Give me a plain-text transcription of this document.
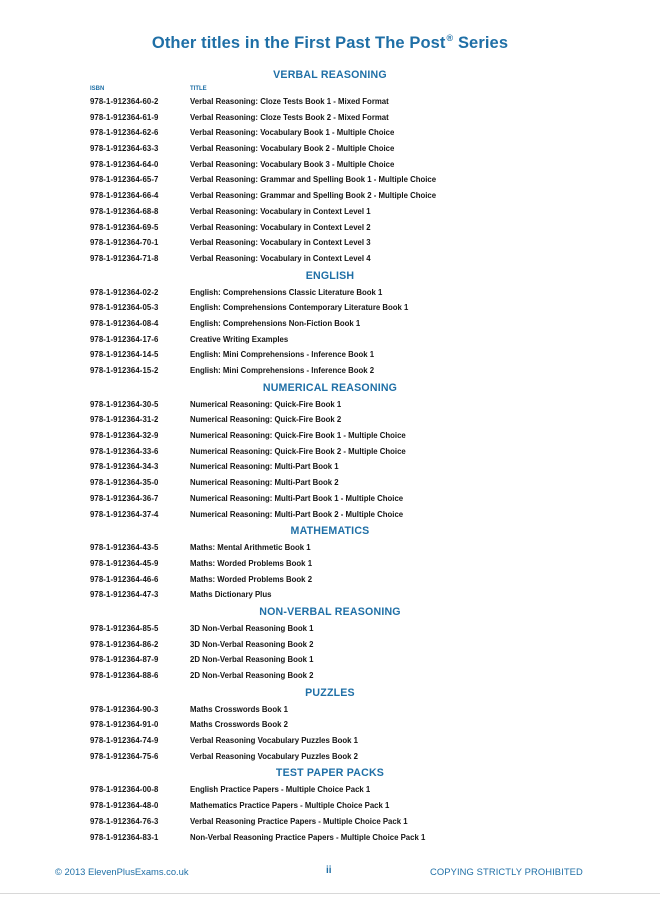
Other titles in the First Past The Post® Series
VERBAL REASONING
ISBN	TITLE
978-1-912364-60-2	Verbal Reasoning: Cloze Tests Book 1 - Mixed Format
978-1-912364-61-9	Verbal Reasoning: Cloze Tests Book 2 - Mixed Format
978-1-912364-62-6	Verbal Reasoning: Vocabulary Book 1 - Multiple Choice
978-1-912364-63-3	Verbal Reasoning: Vocabulary Book 2 - Multiple Choice
978-1-912364-64-0	Verbal Reasoning: Vocabulary Book 3 - Multiple Choice
978-1-912364-65-7	Verbal Reasoning: Grammar and Spelling Book 1 - Multiple Choice
978-1-912364-66-4	Verbal Reasoning: Grammar and Spelling Book 2 - Multiple Choice
978-1-912364-68-8	Verbal Reasoning: Vocabulary in Context Level 1
978-1-912364-69-5	Verbal Reasoning: Vocabulary in Context Level 2
978-1-912364-70-1	Verbal Reasoning: Vocabulary in Context Level 3
978-1-912364-71-8	Verbal Reasoning: Vocabulary in Context Level 4
ENGLISH
978-1-912364-02-2	English: Comprehensions Classic Literature Book 1
978-1-912364-05-3	English: Comprehensions Contemporary Literature Book 1
978-1-912364-08-4	English: Comprehensions Non-Fiction Book 1
978-1-912364-17-6	Creative Writing Examples
978-1-912364-14-5	English: Mini Comprehensions - Inference Book 1
978-1-912364-15-2	English: Mini Comprehensions - Inference Book 2
NUMERICAL REASONING
978-1-912364-30-5	Numerical Reasoning: Quick-Fire Book 1
978-1-912364-31-2	Numerical Reasoning: Quick-Fire Book 2
978-1-912364-32-9	Numerical Reasoning: Quick-Fire Book 1 - Multiple Choice
978-1-912364-33-6	Numerical Reasoning: Quick-Fire Book 2 - Multiple Choice
978-1-912364-34-3	Numerical Reasoning: Multi-Part Book 1
978-1-912364-35-0	Numerical Reasoning: Multi-Part Book 2
978-1-912364-36-7	Numerical Reasoning: Multi-Part Book 1 - Multiple Choice
978-1-912364-37-4	Numerical Reasoning: Multi-Part Book 2 - Multiple Choice
MATHEMATICS
978-1-912364-43-5	Maths: Mental Arithmetic Book 1
978-1-912364-45-9	Maths: Worded Problems Book 1
978-1-912364-46-6	Maths: Worded Problems Book 2
978-1-912364-47-3	Maths Dictionary Plus
NON-VERBAL REASONING
978-1-912364-85-5	3D Non-Verbal Reasoning Book 1
978-1-912364-86-2	3D Non-Verbal Reasoning Book 2
978-1-912364-87-9	2D Non-Verbal Reasoning Book 1
978-1-912364-88-6	2D Non-Verbal Reasoning Book 2
PUZZLES
978-1-912364-90-3	Maths Crosswords Book 1
978-1-912364-91-0	Maths Crosswords Book 2
978-1-912364-74-9	Verbal Reasoning Vocabulary Puzzles Book 1
978-1-912364-75-6	Verbal Reasoning Vocabulary Puzzles Book 2
TEST PAPER PACKS
978-1-912364-00-8	English Practice Papers - Multiple Choice Pack 1
978-1-912364-48-0	Mathematics Practice Papers - Multiple Choice Pack 1
978-1-912364-76-3	Verbal Reasoning Practice Papers - Multiple Choice Pack 1
978-1-912364-83-1	Non-Verbal Reasoning Practice Papers - Multiple Choice Pack 1
© 2013 ElevenPlusExams.co.uk	ii	COPYING STRICTLY PROHIBITED
